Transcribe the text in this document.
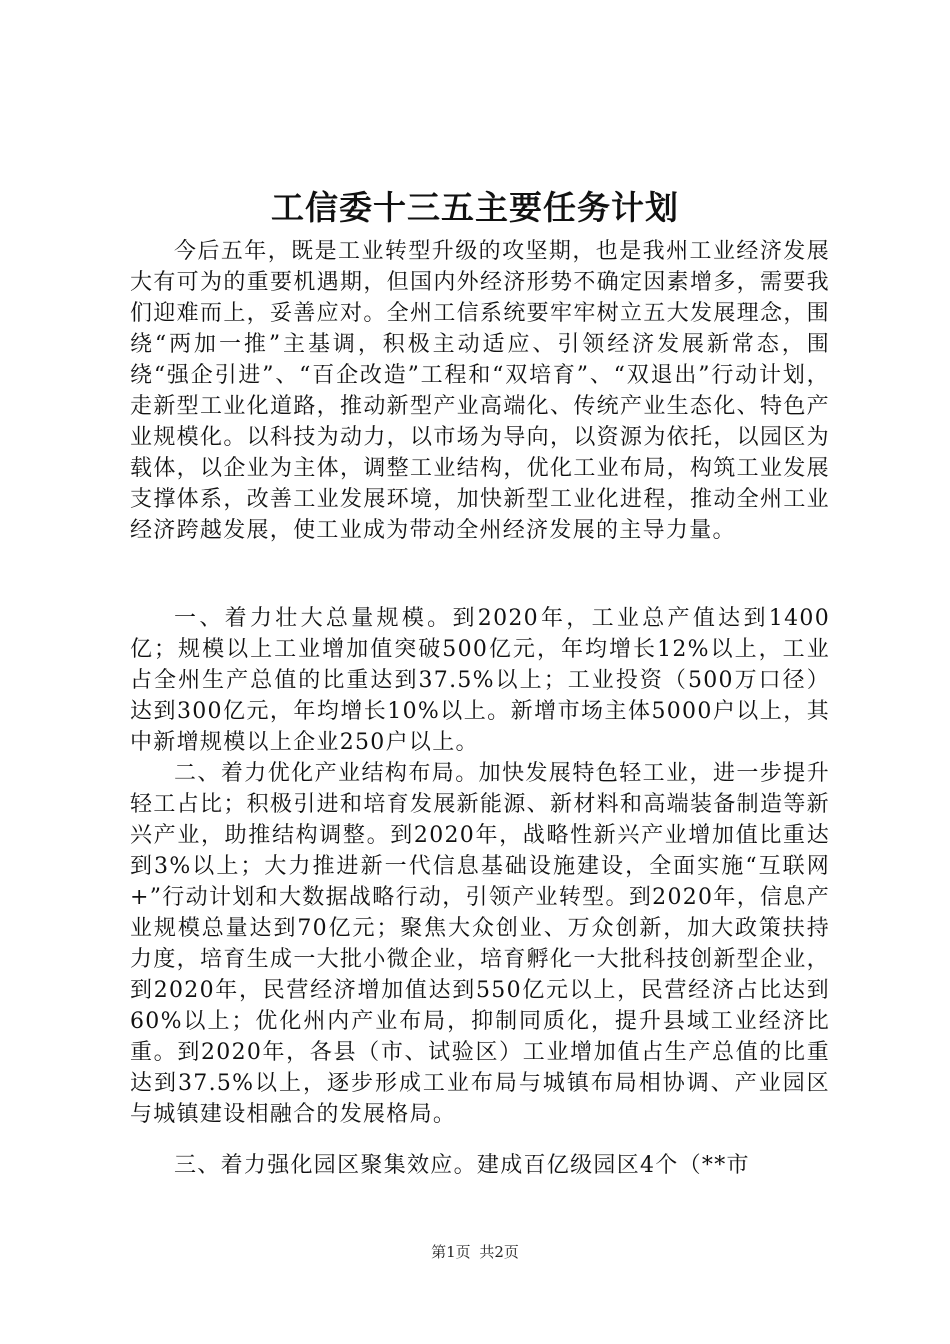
工信委十三五主要任务计划

今后五年，既是工业转型升级的攻坚期，也是我州工业经济发展大有可为的重要机遇期，但国内外经济形势不确定因素增多，需要我们迎难而上，妥善应对。全州工信系统要牢牢树立五大发展理念，围绕“两加一推”主基调，积极主动适应、引领经济发展新常态，围绕“强企引进”、“百企改造”工程和“双培育”、“双退出”行动计划，走新型工业化道路，推动新型产业高端化、传统产业生态化、特色产业规模化。以科技为动力，以市场为导向，以资源为依托，以园区为载体，以企业为主体，调整工业结构，优化工业布局，构筑工业发展支撑体系，改善工业发展环境，加快新型工业化进程，推动全州工业经济跨越发展，使工业成为带动全州经济发展的主导力量。

一、着力壮大总量规模。到2020年，工业总产值达到1400亿；规模以上工业增加值突破500亿元，年均增长12%以上，工业占全州生产总值的比重达到37.5%以上；工业投资（500万口径）达到300亿元，年均增长10%以上。新增市场主体5000户以上，其中新增规模以上企业250户以上。

二、着力优化产业结构布局。加快发展特色轻工业，进一步提升轻工占比；积极引进和培育发展新能源、新材料和高端装备制造等新兴产业，助推结构调整。到2020年，战略性新兴产业增加值比重达到3%以上；大力推进新一代信息基础设施建设，全面实施“互联网+”行动计划和大数据战略行动，引领产业转型。到2020年，信息产业规模总量达到70亿元；聚焦大众创业、万众创新，加大政策扶持力度，培育生成一大批小微企业，培育孵化一大批科技创新型企业，到2020年，民营经济增加值达到550亿元以上，民营经济占比达到60%以上；优化州内产业布局，抑制同质化，提升县域工业经济比重。到2020年，各县（市、试验区）工业增加值占生产总值的比重达到37.5%以上，逐步形成工业布局与城镇布局相协调、产业园区与城镇建设相融合的发展格局。

三、着力强化园区聚集效应。建成百亿级园区4个（**市

第1页 共2页
